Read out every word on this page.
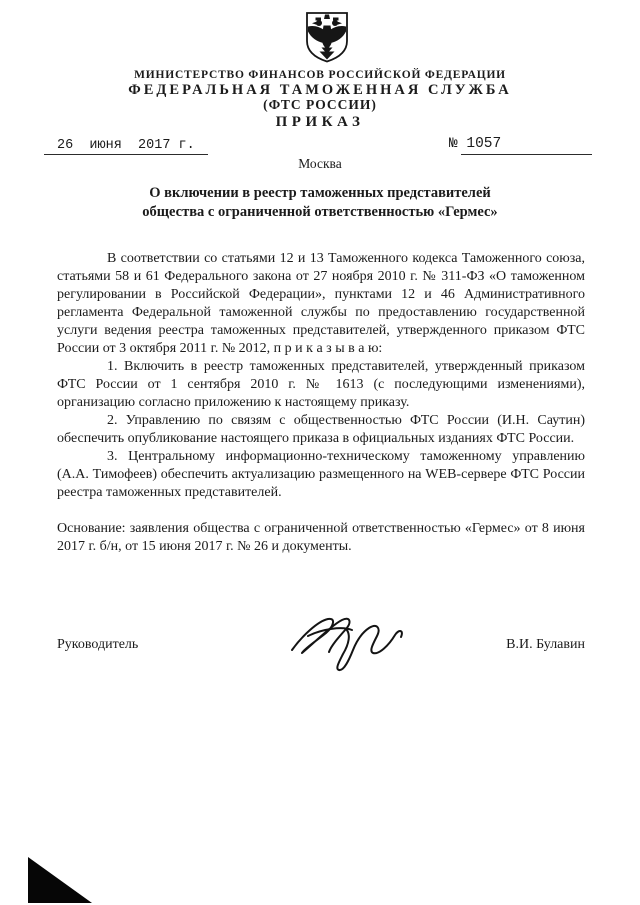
МИНИСТЕРСТВО ФИНАНСОВ РОССИЙСКОЙ ФЕДЕРАЦИИ
ФЕДЕРАЛЬНАЯ ТАМОЖЕННАЯ СЛУЖБА
(ФТС РОССИИ)
ПРИКАЗ
26  июня  2017 г.	№ 1057
Москва
О включении в реестр таможенных представителей
общества с ограниченной ответственностью «Гермес»

В соответствии со статьями 12 и 13 Таможенного кодекса Таможенного союза, статьями 58 и 61 Федерального закона от 27 ноября 2010 г. № 311-ФЗ «О таможенном регулировании в Российской Федерации», пунктами 12 и 46 Административного регламента Федеральной таможенной службы по предоставлению государственной услуги ведения реестра таможенных представителей, утвержденного приказом ФТС России от 3 октября 2011 г. № 2012, п р и к а з ы в а ю:

1. Включить в реестр таможенных представителей, утвержденный приказом ФТС России от 1 сентября 2010 г. № 1613 (с последующими изменениями), организацию согласно приложению к настоящему приказу.

2. Управлению по связям с общественностью ФТС России (И.Н. Саутин) обеспечить опубликование настоящего приказа в официальных изданиях ФТС России.

3. Центральному информационно-техническому таможенному управлению (А.А. Тимофеев) обеспечить актуализацию размещенного на WEB-сервере ФТС России реестра таможенных представителей.

Основание: заявления общества с ограниченной ответственностью «Гермес» от 8 июня 2017 г. б/н, от 15 июня 2017 г. № 26 и документы.

Руководитель	В.И. Булавин
